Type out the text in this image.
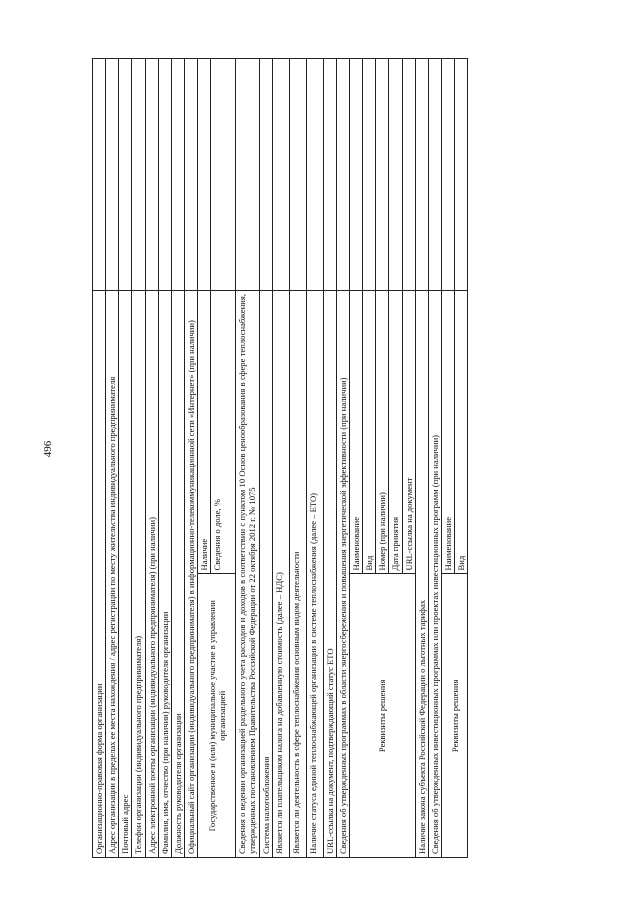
496
Организационно-правовая форма организации		
Адрес организации в пределах ее места нахождения / адрес регистрации по месту жительства индивидуального предпринимателя		
Почтовый адрес		
Телефон организации (индивидуального предпринимателя)		
Адрес электронной почты организации (индивидуального предпринимателя) (при наличии)		
Фамилия, имя, отчество (при наличии) руководителя организации		
Должность руководителя организации		
Официальный сайт организации (индивидуального предпринимателя) в информационно-телекоммуникационной сети «Интернет» (при наличии)		
Государственное и (или) муниципальное участие в управлении организацией	Наличие	
	Сведения о доле, %	
Сведения о ведении организацией раздельного учета расходов и доходов в соответствии с пунктом 10 Основ ценообразования в сфере теплоснабжения, утвержденных постановлением Правительства Российской Федерации от 22 октября 2012 г. № 1075		
Система налогообложения		
Является ли плательщиком налога на добавленную стоимость (далее – НДС)		
Является ли деятельность в сфере теплоснабжения основным видом деятельности		
Наличие статуса единой теплоснабжающей организации в системе теплоснабжения (далее – ЕТО)		
URL-ссылка на документ, подтверждающий статус ЕТО		
Сведения об утвержденных программах в области энергосбережения и повышения энергетической эффективности (при наличии)		
Реквизиты решения	Наименование	
	Вид	
	Номер (при наличии)	
	Дата принятия	
	URL-ссылка на документ	
Наличие закона субъекта Российской Федерации о льготных тарифах		
Сведения об утвержденных инвестиционных программах или проектах инвестиционных программ (при наличии)		
Реквизиты решения	Наименование	
	Вид	
